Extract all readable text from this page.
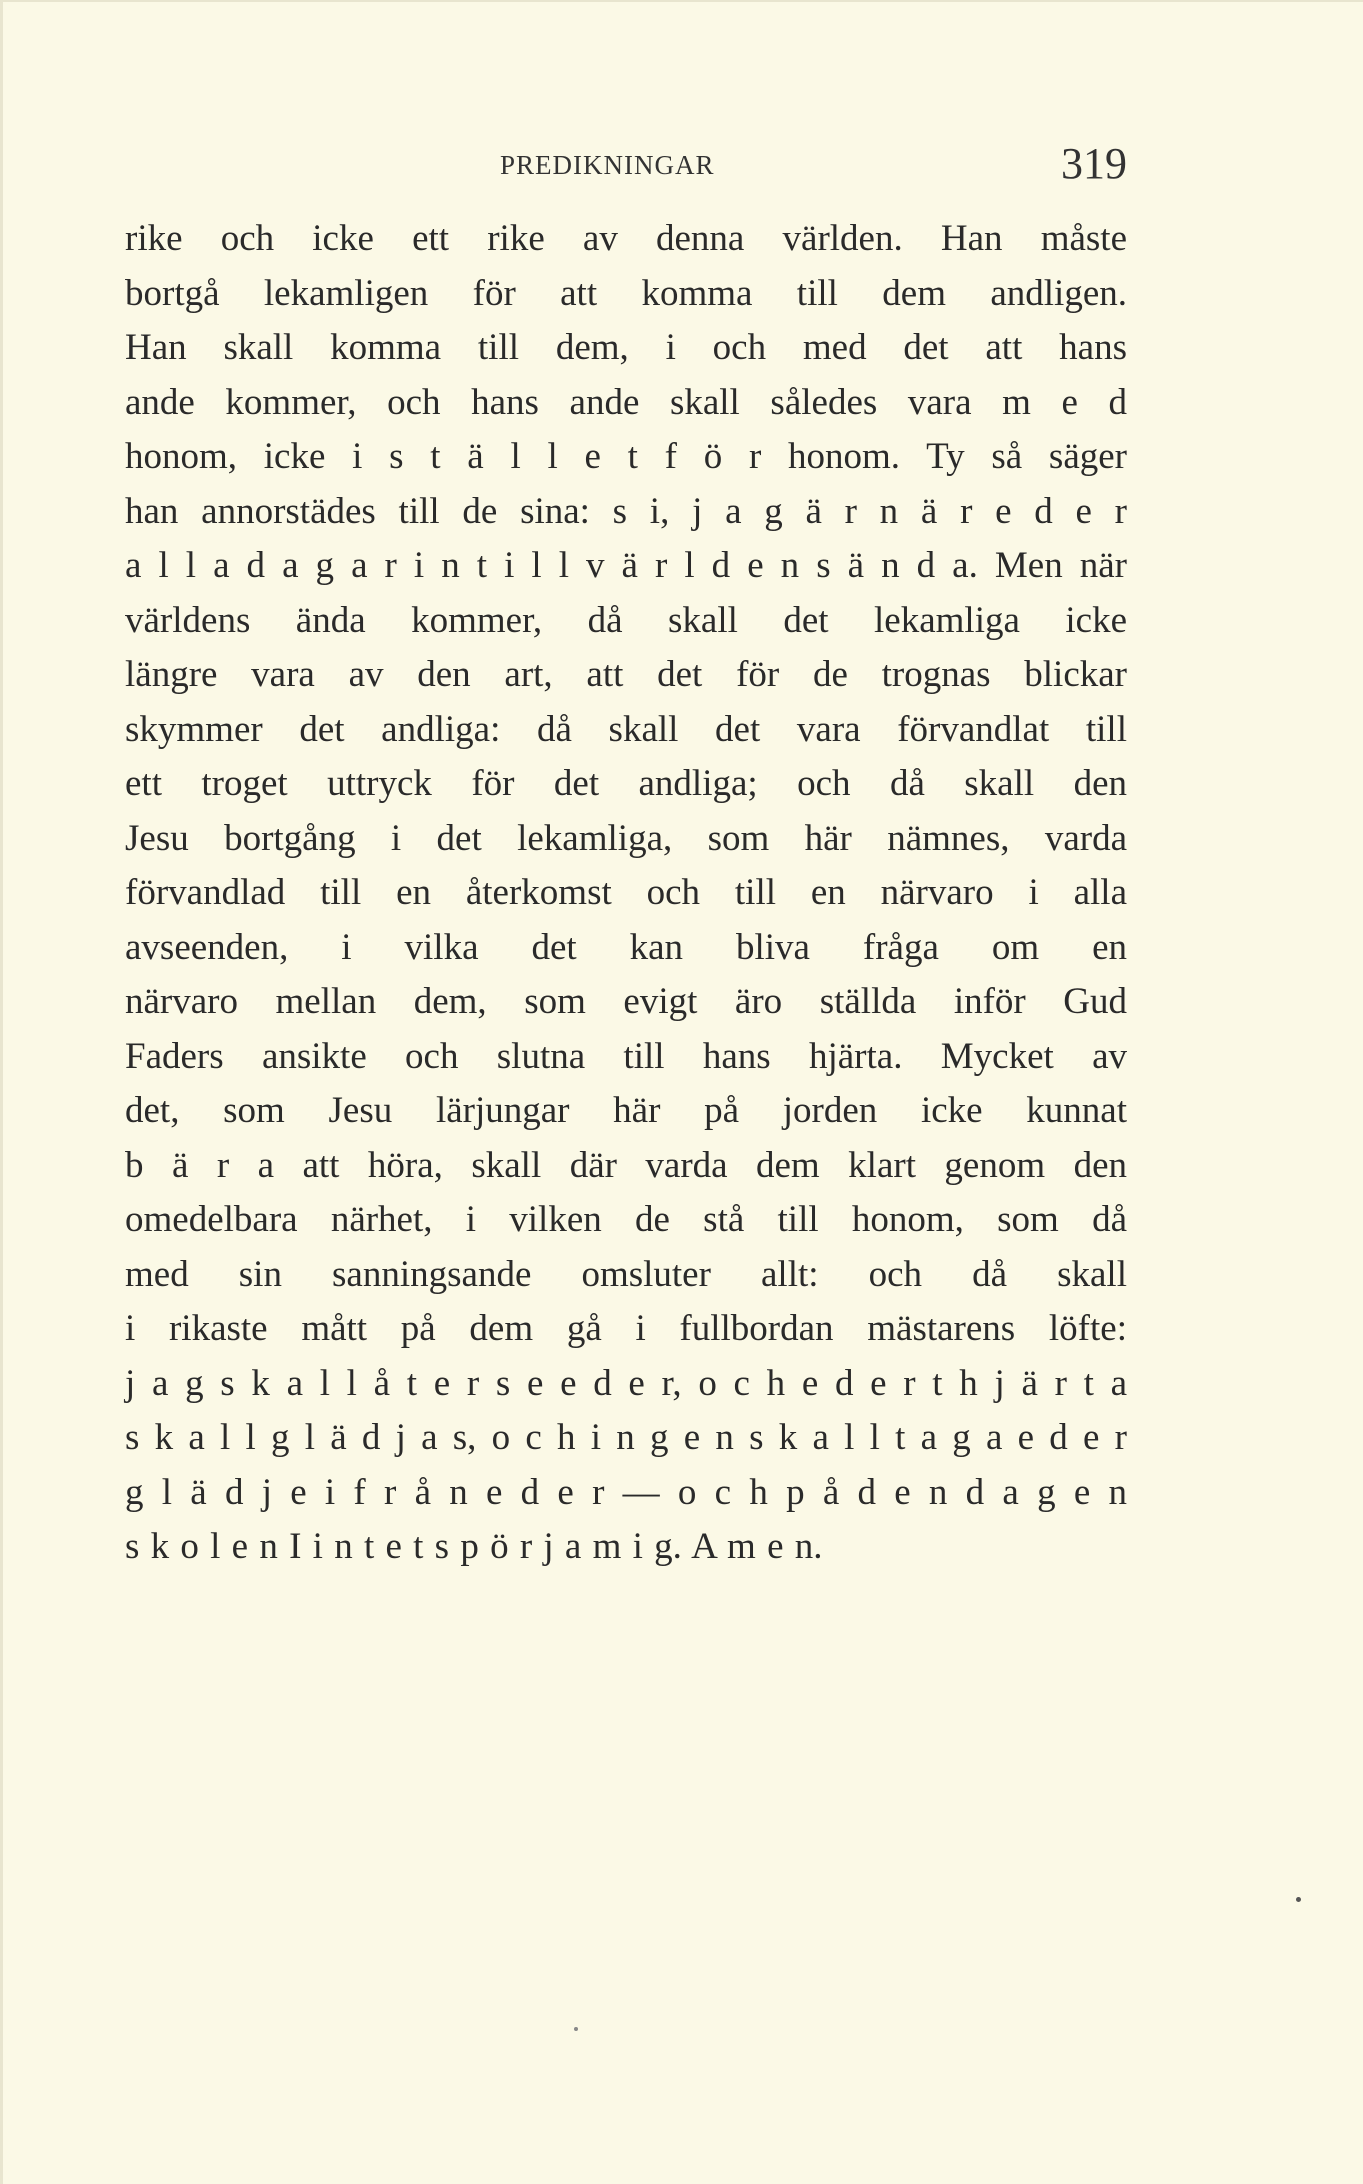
PREDIKNINGAR	319
rike och icke ett rike av denna världen. Han måste
bortgå lekamligen för att komma till dem andligen.
Han skall komma till dem, i och med det att hans
ande kommer, och hans ande skall således vara m e d
honom, icke i s t ä l l e t f ö r honom. Ty så säger
han annorstädes till de sina: s i, j a g ä r n ä r e d e r
a l l a d a g a r i n t i l l v ä r l d e n s ä n d a. Men när
världens ända kommer, då skall det lekamliga icke
längre vara av den art, att det för de trognas blickar
skymmer det andliga: då skall det vara förvandlat till
ett troget uttryck för det andliga; och då skall den
Jesu bortgång i det lekamliga, som här nämnes, varda
förvandlad till en återkomst och till en närvaro i alla
avseenden, i vilka det kan bliva fråga om en
närvaro mellan dem, som evigt äro ställda inför Gud
Faders ansikte och slutna till hans hjärta. Mycket av
det, som Jesu lärjungar här på jorden icke kunnat
b ä r a att höra, skall där varda dem klart genom den
omedelbara närhet, i vilken de stå till honom, som då
med sin sanningsande omsluter allt: och då skall
i rikaste mått på dem gå i fullbordan mästarens löfte:
j a g s k a l l å t e r s e e d e r, o c h e d e r t h j ä r t a
s k a l l g l ä d j a s, o c h i n g e n s k a l l t a g a e d e r
g l ä d j e i f r å n e d e r — o c h p å d e n d a g e n
s k o l e n I i n t e t s p ö r j a m i g. A m e n.
